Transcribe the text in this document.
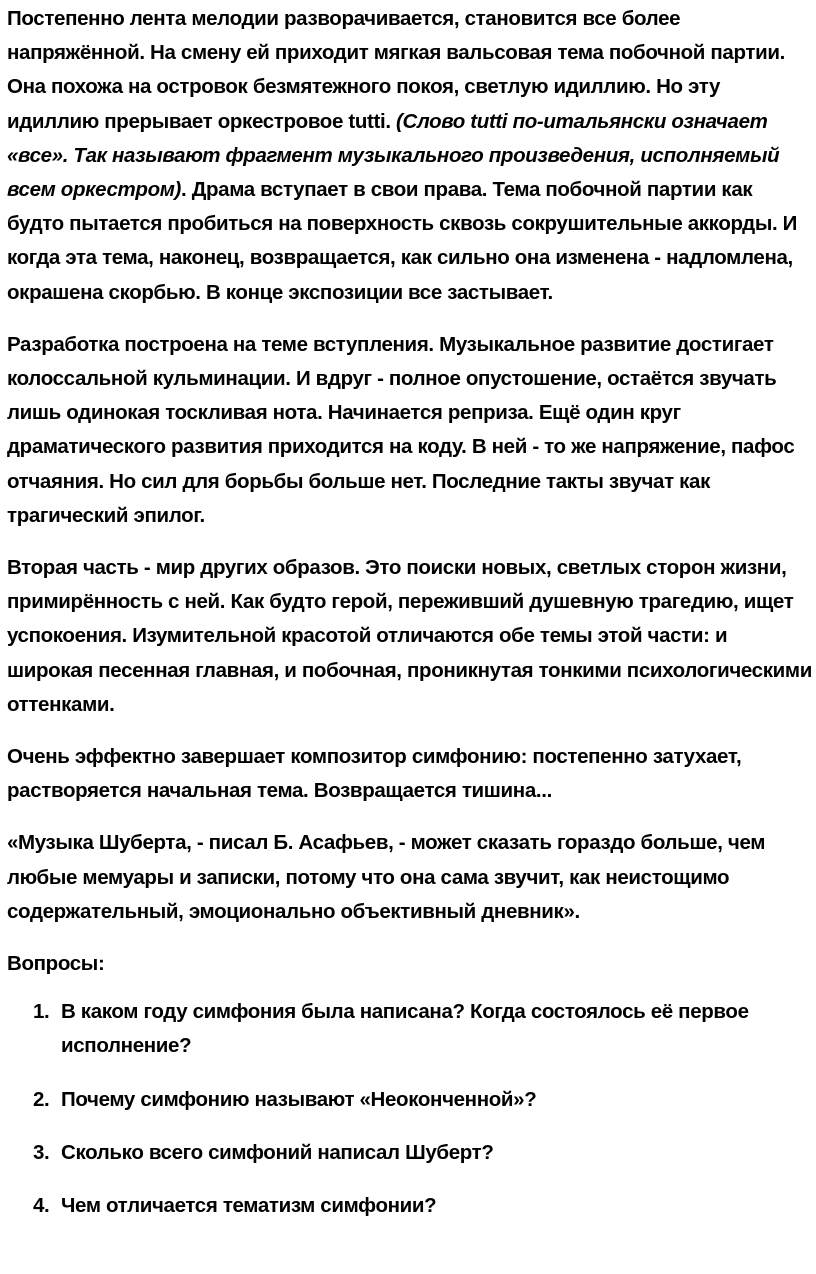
Постепенно лента мелодии разворачивается, становится все более напряжённой. На смену ей приходит мягкая вальсовая тема побочной партии. Она похожа на островок безмятежного покоя, светлую идиллию. Но эту идиллию прерывает оркестровое tutti. (Слово tutti по-итальянски означает «все». Так называют фрагмент музыкального произведения, исполняемый всем оркестром). Драма вступает в свои права. Тема побочной партии как будто пытается пробиться на поверхность сквозь сокрушительные аккорды. И когда эта тема, наконец, возвращается, как сильно она изменена - надломлена, окрашена скорбью. В конце экспозиции все застывает.

Разработка построена на теме вступления. Музыкальное развитие достигает колоссальной кульминации. И вдруг - полное опустошение, остаётся звучать лишь одинокая тоскливая нота. Начинается реприза. Ещё один круг драматического развития приходится на коду. В ней - то же напряжение, пафос отчаяния. Но сил для борьбы больше нет. Последние такты звучат как трагический эпилог.

Вторая часть - мир других образов. Это поиски новых, светлых сторон жизни, примирённость с ней. Как будто герой, переживший душевную трагедию, ищет успокоения. Изумительной красотой отличаются обе темы этой части: и широкая песенная главная, и побочная, проникнутая тонкими психологическими оттенками.

Очень эффектно завершает композитор симфонию: постепенно затухает, растворяется начальная тема. Возвращается тишина...

«Музыка Шуберта, - писал Б. Асафьев, - может сказать гораздо больше, чем любые мемуары и записки, потому что она сама звучит, как неистощимо содержательный, эмоционально объективный дневник».

Вопросы:

1. В каком году симфония была написана? Когда состоялось её первое исполнение?
2. Почему симфонию называют «Неоконченной»?
3. Сколько всего симфоний написал Шуберт?
4. Чем отличается тематизм симфонии?
